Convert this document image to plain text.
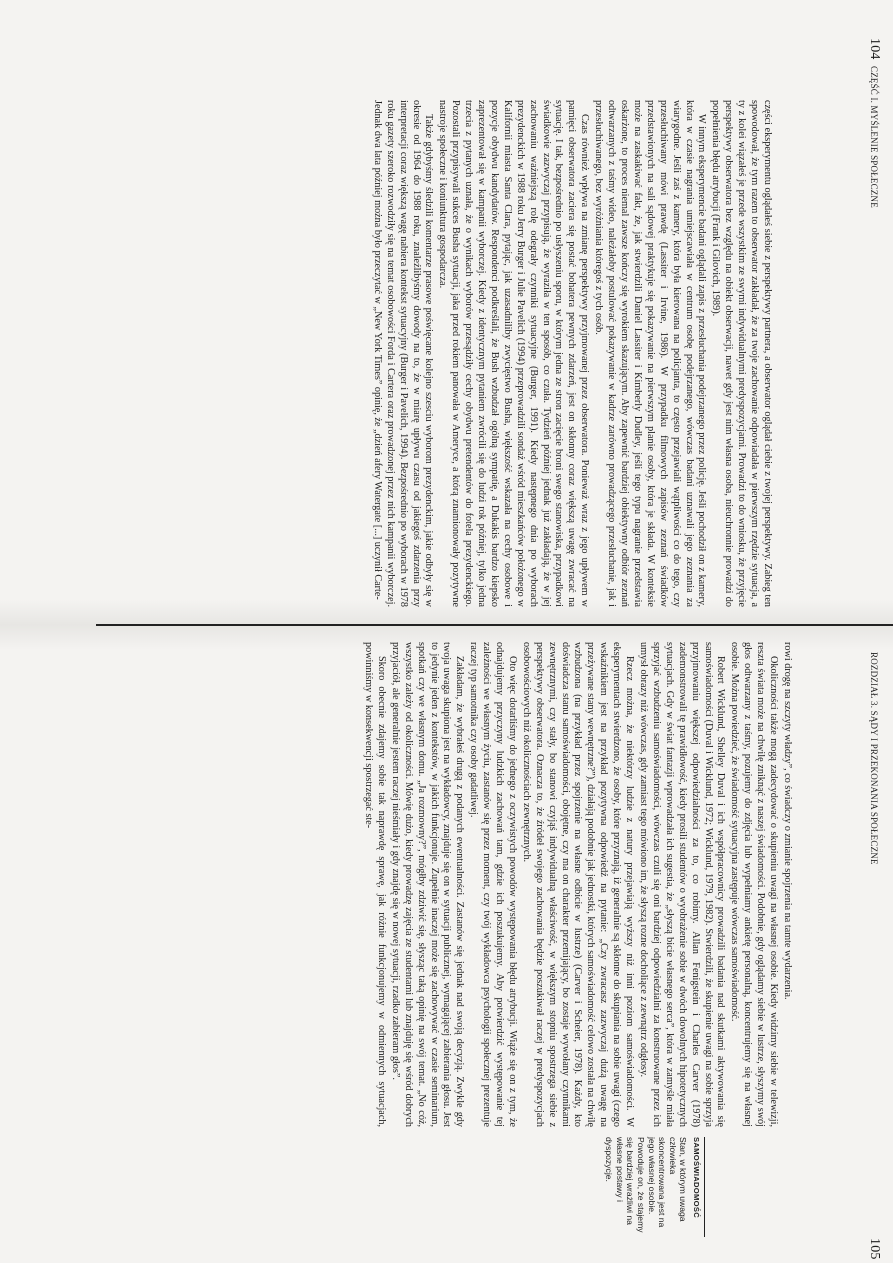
104
CZĘŚĆ I. MYŚLENIE SPOŁECZNE

części eksperymentu oglądałeś siebie z perspektywy partnera, a obserwator oglądał ciebie z twojej perspektywy. Zabieg ten spowodował, że tym razem to obserwator zakładał, że za twoje zachowanie odpowiadała w pierwszym rzędzie sytuacja, a ty z kolei wiązałeś je przede wszystkim ze swymi indywidualnymi predyspozycjami. Prowadzi to do wniosku, że przyjęcie perspektywy obserwatora bez względu na obiekt obserwacji, nawet gdy jest nim własna osoba, nieuchronnie prowadzi do popełnienia błędu atrybucji (Frank i Gilovich, 1989).

W innym eksperymencie badani oglądali zapis z przesłuchania podejrzanego przez policję. Jeśli pochodził on z kamery, która w czasie nagrania umiejscawiała w centrum osobę podejrzanego, wówczas badani uznawali jego zeznania za wiarygodne. Jeśli zaś z kamery, która była kierowana na policjanta, to często przejawiali wątpliwości co do tego, czy przesłuchiwany mówi prawdę (Lassiter i Irvine, 1986). W przypadku filmowych zapisów zeznań świadków przedstawionych na sali sądowej praktykuje się pokazywanie na pierwszym planie osoby, która je składa. W konteksie może na zaskakiwać fakt, że, jak stwierdzili Daniel Lassiter i Kimberly Dudley, jeśli tego typu nagranie przedstawia oskarżone, to proces niemal zawsze kończy się wyrokiem skazującym. Aby zapewnić bardziej obiektywny odbiór zeznań odtwarzanych z taśmy wideo, należałoby postulować pokazywanie w kadrze zarówno prowadzącego przesłuchanie, jak i przesłuchiwanego, bez wyróżniania któregoś z tych osób.

Czas również wpływa na zmianę perspektywy przyjmowanej przez obserwatora. Ponieważ wraz z jego upływem w pamięci obserwatora zaciera się postać bohatera pewnych zdarzeń, jest on skłonny coraz większą uwagę zwracać na sytuację. I tak, bezpośrednio po usłyszeniu sporu, w którym jedna ze stron zacięcie broni swego stanowiska, przypadkowi świadkowie zazwyczaj przypisują, że wyraziła w ten sposób, co czuła. Tydzień później jednak już zakładają, że w jej zachowaniu ważniejszą rolę odegrały czynniki sytuacyjne (Burger, 1991). Kiedy następnego dnia po wyborach prezydenckich w 1988 roku Jerry Burger i Julie Pavelich (1994) przeprowadzili sondaż wśród mieszkańców położonego w Kalifornii miasta Santa Clara, pytając, jak uzasadniliby zwycięstwo Busha, większość wskazała na cechy osobowe i pozycje obydwu kandydatów. Respondenci podkreślali, że Bush wzbudzał ogólną sympatię, a Dukakis bardzo kiepsko zaprezentował się w kampanii wyborczej. Kiedy z identycznym pytaniem zwrócili się do ludzi rok później, tylko jedna trzecia z pytanych uznała, że o wynikach wyborów przesądziły cechy obydwu pretendentów do fotela prezydenckiego. Pozostali przypisywali sukces Busha sytuacji, jaka przed rokiem panowała w Ameryce, a którą znamionowały pozytywne nastroje społeczne i koniunktura gospodarcza.

Także gdybyśmy śledzili komentarze prasowe poświęcane kolejno szesciu wyborom prezydenckim, jakie odbyły się w okresie od 1964 do 1988 roku, znaleźlibyśmy dowody na to, że w miarę upływu czasu od jakiegoś zdarzenia przy interpretacji coraz większą wagę nabiera kontekst sytuacyjny (Burger i Pavelich, 1994). Bezpośrednio po wyborach w 1978 roku gazety szeroko rozwodziły się na temat osobowości Forda i Cartera oraz prowadzonej przez nich kampanii wyborczej. Jednak dwa lata później można było przeczytać w „New York Times” opinię, że „dzień afery Watergate [...] uczynił Carte-

ROZDZIAŁ 3. SĄDY I PRZEKONANIA SPOŁECZNE
105

rowi drogę na szczyty władzy”, co świadczy o zmianie spojrzenia na tamte wydarzenia.

Okoliczności także mogą zadecydować o skupieniu uwagi na własnej osobie. Kiedy widzimy siebie w telewizji, reszta świata może na chwilę zniknąć z naszej świadomości. Podobnie, gdy oglądamy siebie w lustrze, słyszymy swój głos odtwarzany z taśmy, pozujemy do zdjęcia lub wypełniamy ankietę personalną, koncentrujemy się na własnej osobie. Można powiedzieć, że świadomość sytuacyjna zastępuje wówczas samoświadomość.

Robert Wicklund, Shelley Duval i ich współpracownicy prowadzili badania nad skutkami aktywowania się samoświadomości (Duval i Wicklund, 1972; Wicklund, 1979, 1982). Stwierdzili, że skupienie uwagi na sobie sprzyja przyjmowaniu większej odpowiedzialności za to, co robimy. Allan Fenigstein i Charles Carver (1978) zademonstrowali tę prawidłowość, kiedy prosili studentów o wyobrażenie sobie w dwóch dowolnych hipotetycznych sytuacjach. Gdy w świat fantazji wprowadzała ich sugestia, że „słyszą bicie własnego serca”, która w zamyśle miała sprzyjać wzbudzeniu samoświadomości, wówczas czuli się oni bardziej odpowiedzialni za konstruowane przez ich umysł obrazy niż wówczas, gdy zamiast tego mówiono im, że słyszą rozne docholiące z zewnątrz odgłosy.

Rzecz można, że niektórzy ludzie z natury przejawiają wyższy niż inni poziom samoświadomości. W eksperymentach stwierdzono, że osoby, które przyznają, iż generalnie są skłonne do skupiania na sobie uwagi (czego wskaźnikiem jest na przykład pozytywna odpowiedź na pytanie: „Czy zwracasz zazwyczaj dużą uwagę na przeżywane stany wewnętrzne?”), działają podobnie jak jednostki, których samoświadomość celowo została na chwilę wzbudzona (na przykład przez spojrzenie na własne odbicie w lustrze) (Carver i Scheier, 1978). Każdy, kto doświadcza stanu samoświadomości, obojętne, czy ma on charakter przemijający, bo zostaje wywołany czynnikami zewnętrznymi, czy stały, bo stanowi czyjąś indywidualną właściwość, w większym stopniu spostrzega siebie z perspektywy obserwatora. Oznacza to, że źródeł swojego zachowania będzie poszukiwał raczej w predyspozycjach osobowościowych niż okolicznościach zewnętrznych.

Oto więc dotarliśmy do jednego z oczywistych powodów występowania błędu atrybucji. Wiąże się on z tym, że odnajdujemy przyczyny ludzkich zachowań tam, gdzie ich poszukujemy. Aby potwierdzić występowanie tej zależności we własnym życiu, zastanów się przez moment, czy twój wykładowca psychologii społecznej prezentuje raczej typ samotnika czy osoby gadatliwej.

Zakładam, że wybrałeś drugą z podanych ewentualności. Zastanów się jednak nad swoją decyzją. Zwykle gdy twoja uwaga skupiona jest na wykładowcy, znajduje się on w sytuacji publicznej, wymagającej zabierania głosu. Jest to jedynie jeden z kontekstów, w jakich funkcjonuje. Zupełnie inaczej może się zachowywać w czasie seminarium, spotkań czy we własnym domu. „Ja rozmowny?”, mógłby zdziwić się, słysząc taką opinię na swój temat. „No cóż, wszystko zależy od okoliczności. Mówię dużo, kiedy prowadzę zajęcia ze studentami lub znajduję się wśród dobrych przyjaciół, ale generalnie jestem raczej nieśmiały i gdy znajdę się w nowej sytuacji, rzadko zabieram głos”.

Skoro obecnie zdajemy sobie tak naprawdę sprawę, jak różnie funkcjonujemy w odmiennych sytuacjach, powinniśmy w konsekwencji spostrzegać ste-

SAMOŚWIADOMOŚĆ
Stan, w którym uwaga człowieka skoncentrowana jest na jego własnej osobie. Powoduje on, że stajemy się bardziej wrażliwi na własne postawy i dyspozycje.
